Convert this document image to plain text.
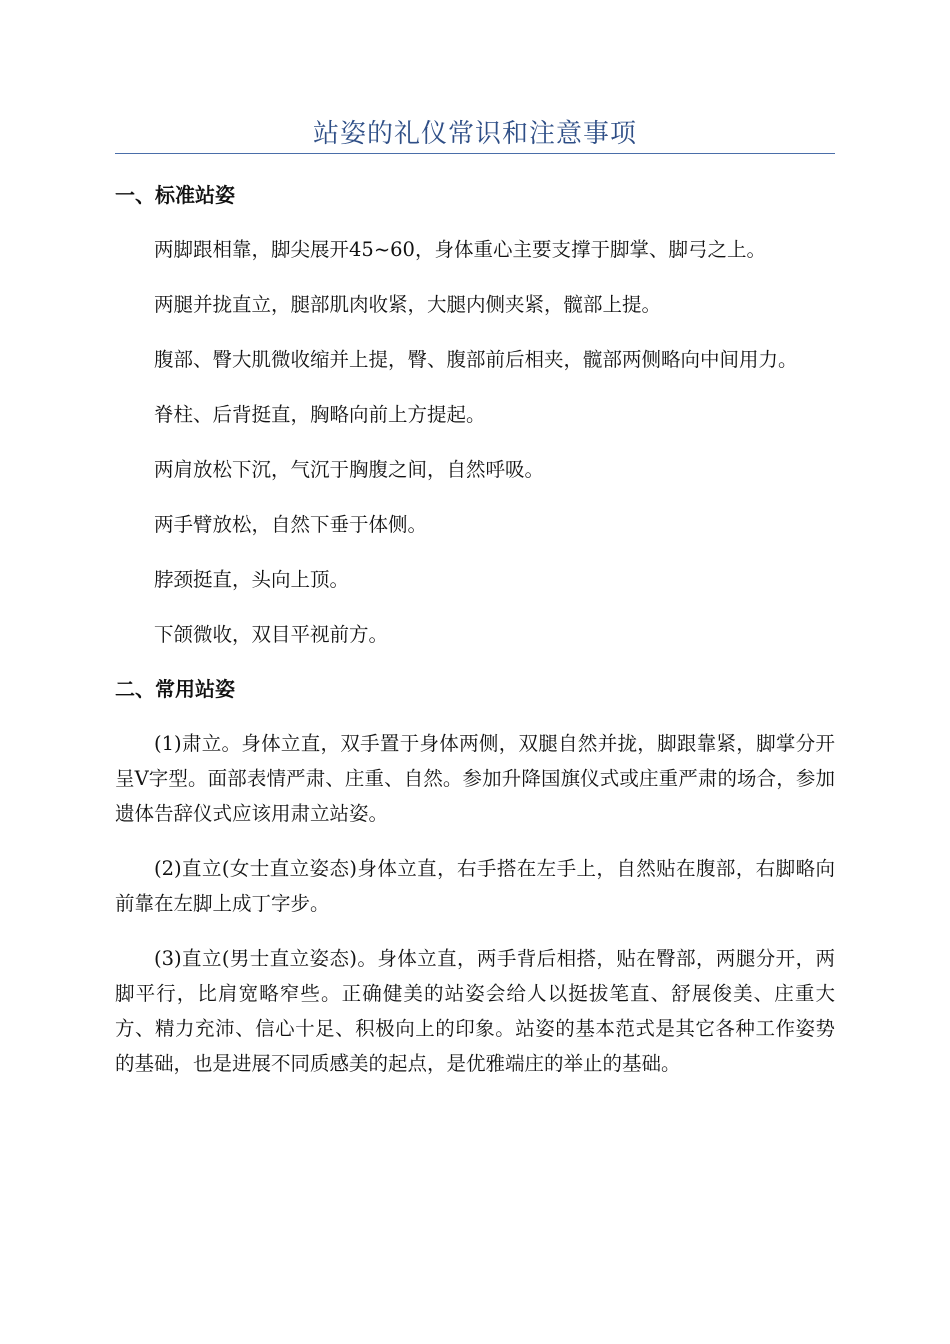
站姿的礼仪常识和注意事项
一、标准站姿

两脚跟相靠，脚尖展开45~60，身体重心主要支撑于脚掌、脚弓之上。

两腿并拢直立，腿部肌肉收紧，大腿内侧夹紧，髋部上提。

腹部、臀大肌微收缩并上提，臀、腹部前后相夹，髋部两侧略向中间用力。

脊柱、后背挺直，胸略向前上方提起。

两肩放松下沉，气沉于胸腹之间，自然呼吸。

两手臂放松，自然下垂于体侧。

脖颈挺直，头向上顶。

下颌微收，双目平视前方。

二、常用站姿

(1)肃立。身体立直，双手置于身体两侧，双腿自然并拢，脚跟靠紧，脚掌分开呈V字型。面部表情严肃、庄重、自然。参加升降国旗仪式或庄重严肃的场合，参加遗体告辞仪式应该用肃立站姿。

(2)直立(女士直立姿态)身体立直，右手搭在左手上，自然贴在腹部，右脚略向前靠在左脚上成丁字步。

(3)直立(男士直立姿态)。身体立直，两手背后相搭，贴在臀部，两腿分开，两脚平行，比肩宽略窄些。正确健美的站姿会给人以挺拔笔直、舒展俊美、庄重大方、精力充沛、信心十足、积极向上的印象。站姿的基本范式是其它各种工作姿势的基础，也是进展不同质感美的起点，是优雅端庄的举止的基础。
